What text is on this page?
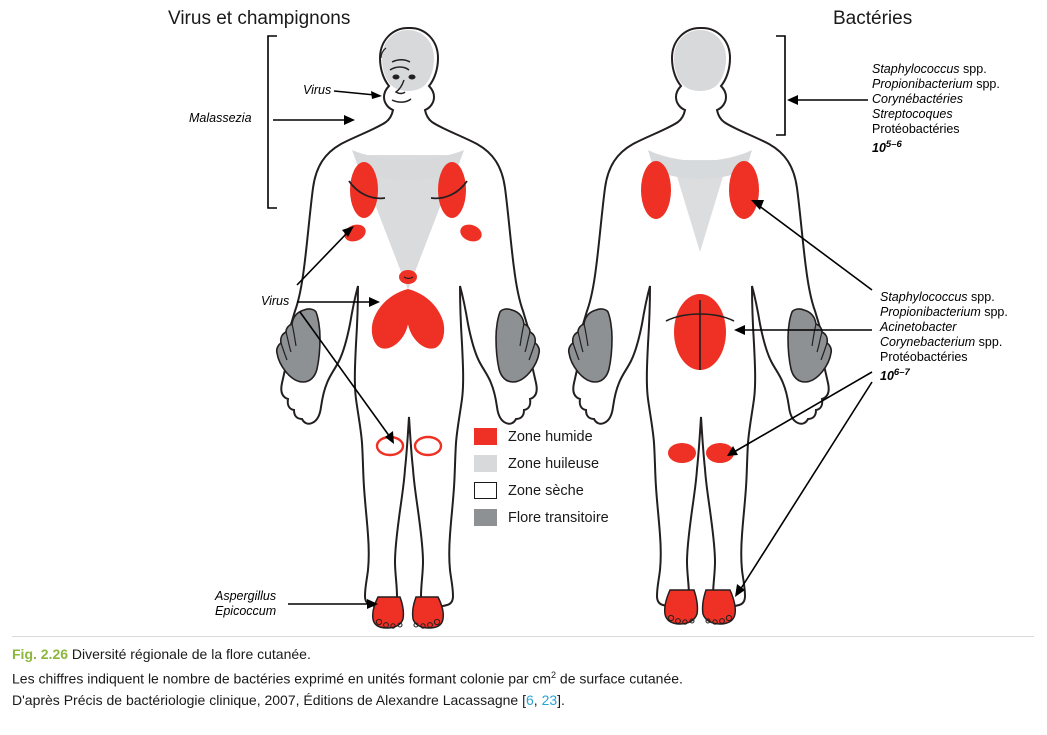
Virus et champignons	Bactéries
Virus
Malassezia
Virus
Aspergillus
Epicoccum
Staphylococcus spp.
Propionibacterium spp.
Corynébactéries
Streptocoques
Protéobactéries
10$^{5-6}$
Staphylococcus spp.
Propionibacterium spp.
Acinetobacter
Corynebacterium spp.
Protéobactéries
10$^{6-7}$
Zone humide
Zone huileuse
Zone sèche
Flore transitoire
Fig. 2.26 Diversité régionale de la flore cutanée.
Les chiffres indiquent le nombre de bactéries exprimé en unités formant colonie par $cm^2$ de surface cutanée.
D'après Précis de bactériologie clinique, 2007, Éditions de Alexandre Lacassagne [6, 23].
